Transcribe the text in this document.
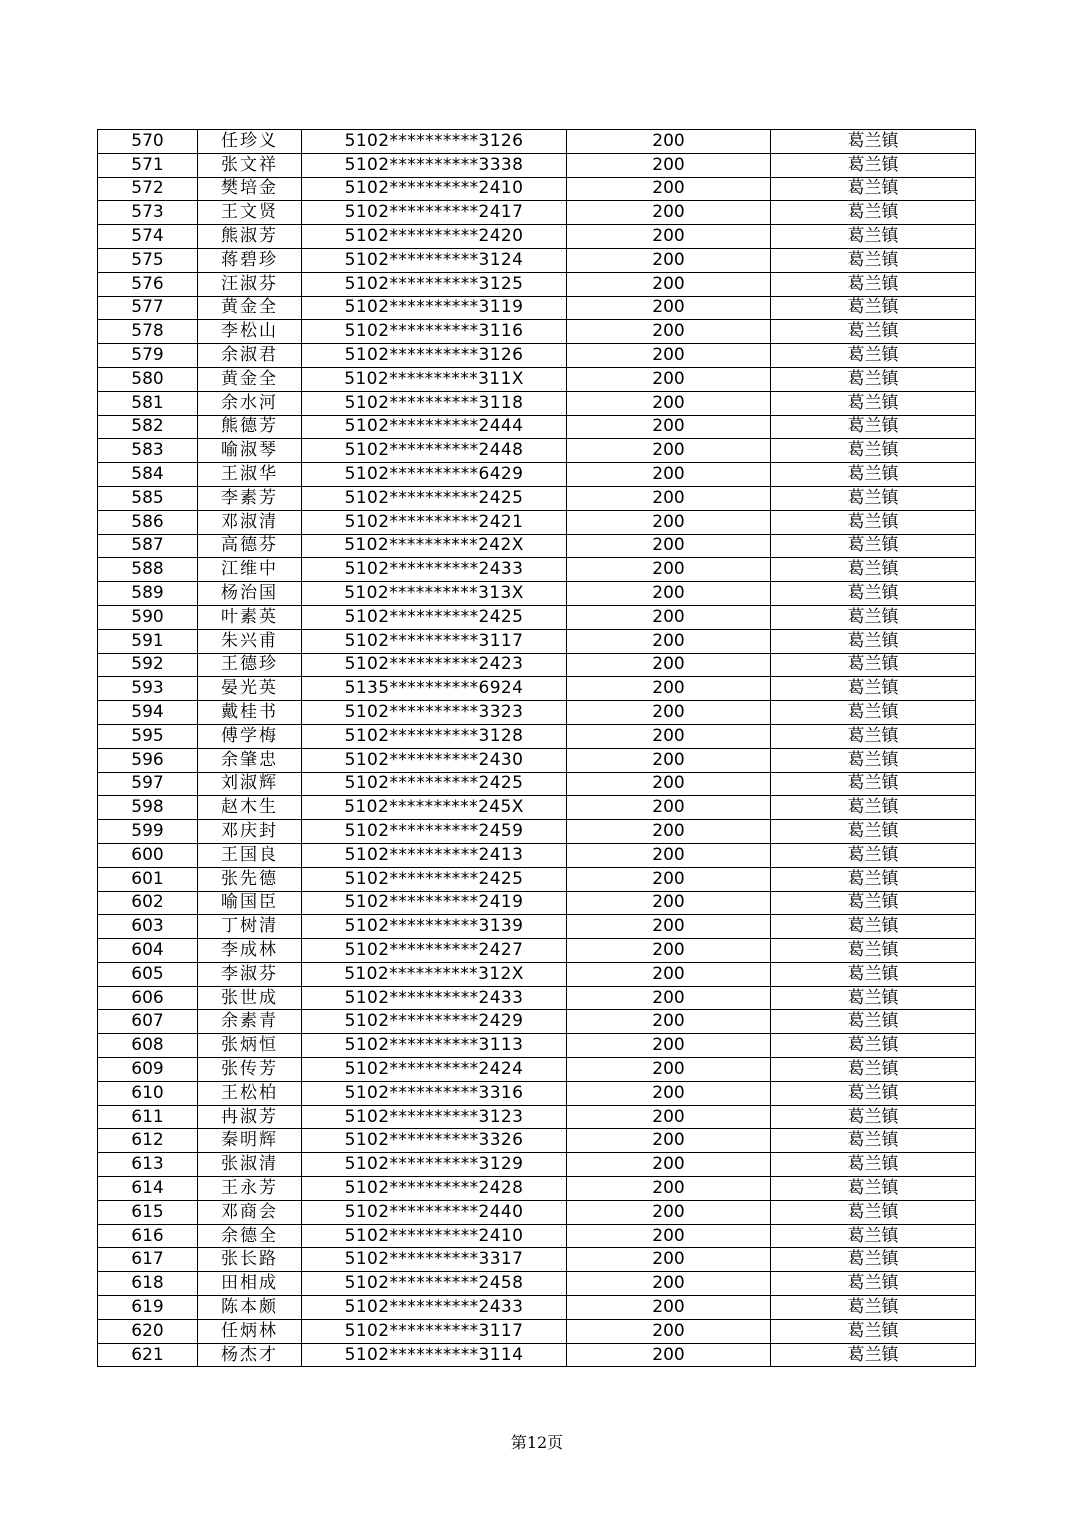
570	任珍义	5102**********3126	200	葛兰镇
571	张文祥	5102**********3338	200	葛兰镇
572	樊培金	5102**********2410	200	葛兰镇
573	王文贤	5102**********2417	200	葛兰镇
574	熊淑芳	5102**********2420	200	葛兰镇
575	蒋碧珍	5102**********3124	200	葛兰镇
576	汪淑芬	5102**********3125	200	葛兰镇
577	黄金全	5102**********3119	200	葛兰镇
578	李松山	5102**********3116	200	葛兰镇
579	余淑君	5102**********3126	200	葛兰镇
580	黄金全	5102**********311X	200	葛兰镇
581	余水河	5102**********3118	200	葛兰镇
582	熊德芳	5102**********2444	200	葛兰镇
583	喻淑琴	5102**********2448	200	葛兰镇
584	王淑华	5102**********6429	200	葛兰镇
585	李素芳	5102**********2425	200	葛兰镇
586	邓淑清	5102**********2421	200	葛兰镇
587	高德芬	5102**********242X	200	葛兰镇
588	江维中	5102**********2433	200	葛兰镇
589	杨治国	5102**********313X	200	葛兰镇
590	叶素英	5102**********2425	200	葛兰镇
591	朱兴甫	5102**********3117	200	葛兰镇
592	王德珍	5102**********2423	200	葛兰镇
593	晏光英	5135**********6924	200	葛兰镇
594	戴桂书	5102**********3323	200	葛兰镇
595	傅学梅	5102**********3128	200	葛兰镇
596	余肇忠	5102**********2430	200	葛兰镇
597	刘淑辉	5102**********2425	200	葛兰镇
598	赵木生	5102**********245X	200	葛兰镇
599	邓庆封	5102**********2459	200	葛兰镇
600	王国良	5102**********2413	200	葛兰镇
601	张先德	5102**********2425	200	葛兰镇
602	喻国臣	5102**********2419	200	葛兰镇
603	丁树清	5102**********3139	200	葛兰镇
604	李成林	5102**********2427	200	葛兰镇
605	李淑芬	5102**********312X	200	葛兰镇
606	张世成	5102**********2433	200	葛兰镇
607	余素青	5102**********2429	200	葛兰镇
608	张炳恒	5102**********3113	200	葛兰镇
609	张传芳	5102**********2424	200	葛兰镇
610	王松柏	5102**********3316	200	葛兰镇
611	冉淑芳	5102**********3123	200	葛兰镇
612	秦明辉	5102**********3326	200	葛兰镇
613	张淑清	5102**********3129	200	葛兰镇
614	王永芳	5102**********2428	200	葛兰镇
615	邓商会	5102**********2440	200	葛兰镇
616	余德全	5102**********2410	200	葛兰镇
617	张长路	5102**********3317	200	葛兰镇
618	田相成	5102**********2458	200	葛兰镇
619	陈本颇	5102**********2433	200	葛兰镇
620	任炳林	5102**********3117	200	葛兰镇
621	杨杰才	5102**********3114	200	葛兰镇
第12页
